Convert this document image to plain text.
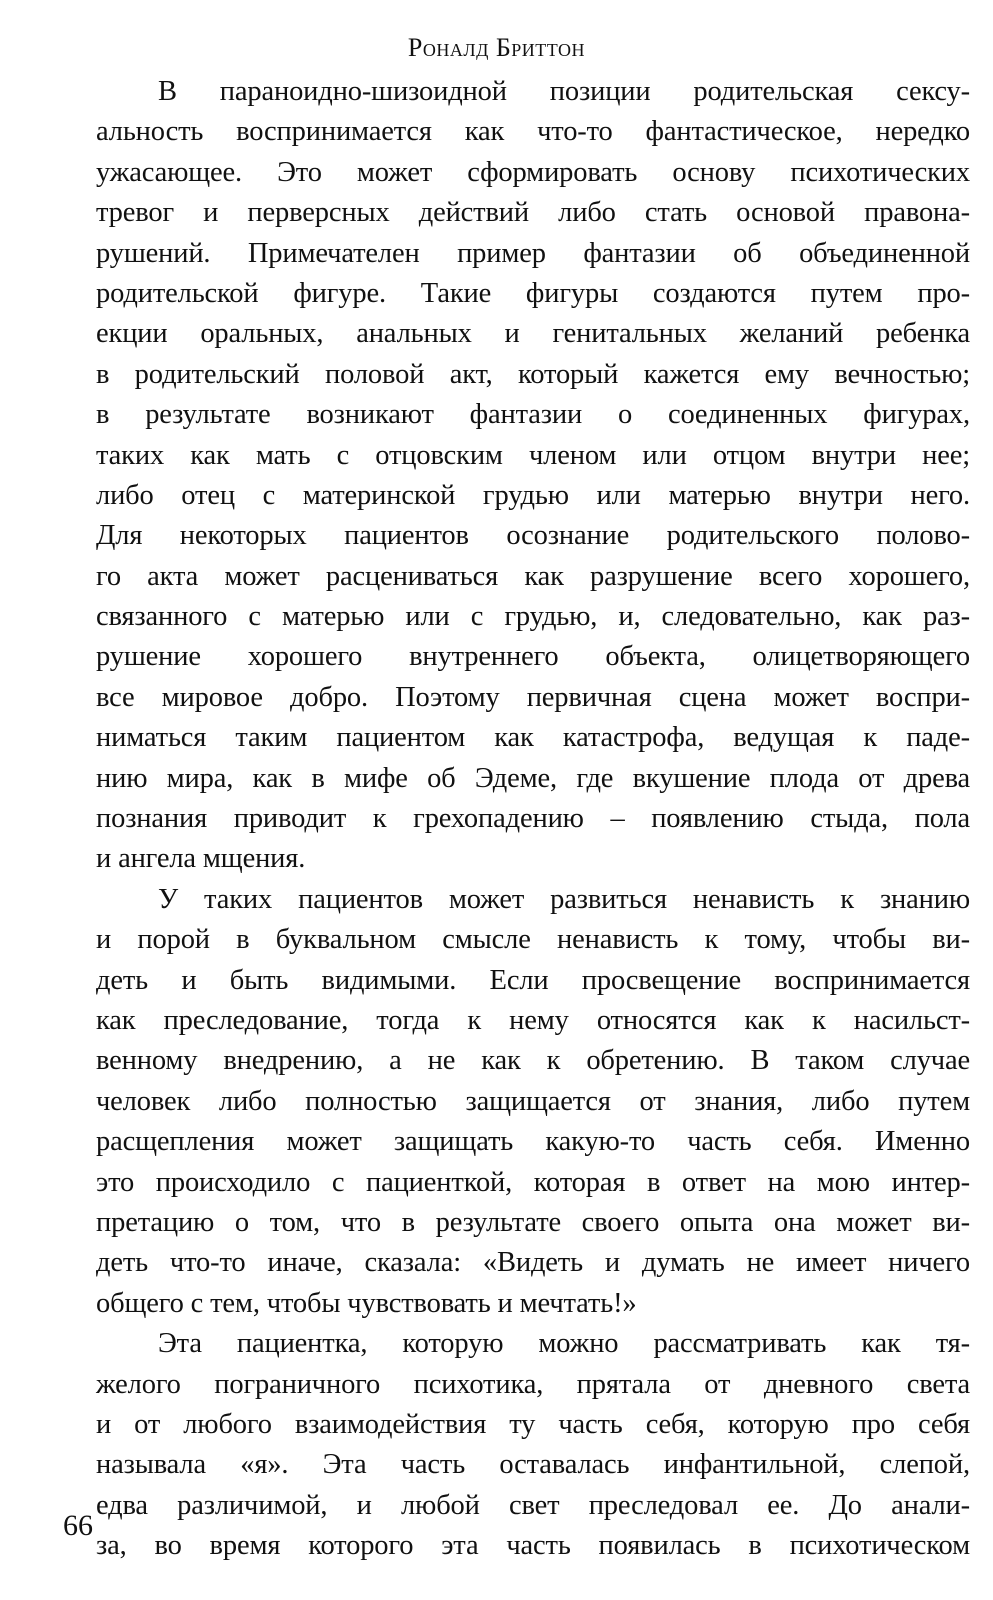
Роналд Бриттон
В параноидно-шизоидной позиции родительская сексу-
альность воспринимается как что-то фантастическое, нередко
ужасающее. Это может сформировать основу психотических
тревог и перверсных действий либо стать основой правона-
рушений. Примечателен пример фантазии об объединенной
родительской фигуре. Такие фигуры создаются путем про-
екции оральных, анальных и генитальных желаний ребенка
в родительский половой акт, который кажется ему вечностью;
в результате возникают фантазии о соединенных фигурах,
таких как мать с отцовским членом или отцом внутри нее;
либо отец с материнской грудью или матерью внутри него.
Для некоторых пациентов осознание родительского полово-
го акта может расцениваться как разрушение всего хорошего,
связанного с матерью или с грудью, и, следовательно, как раз-
рушение хорошего внутреннего объекта, олицетворяющего
все мировое добро. Поэтому первичная сцена может воспри-
ниматься таким пациентом как катастрофа, ведущая к паде-
нию мира, как в мифе об Эдеме, где вкушение плода от древа
познания приводит к грехопадению – появлению стыда, пола
и ангела мщения.
У таких пациентов может развиться ненависть к знанию
и порой в буквальном смысле ненависть к тому, чтобы ви-
деть и быть видимыми. Если просвещение воспринимается
как преследование, тогда к нему относятся как к насильст-
венному внедрению, а не как к обретению. В таком случае
человек либо полностью защищается от знания, либо путем
расщепления может защищать какую-то часть себя. Именно
это происходило с пациенткой, которая в ответ на мою интер-
претацию о том, что в результате своего опыта она может ви-
деть что-то иначе, сказала: «Видеть и думать не имеет ничего
общего с тем, чтобы чувствовать и мечтать!»
Эта пациентка, которую можно рассматривать как тя-
желого пограничного психотика, прятала от дневного света
и от любого взаимодействия ту часть себя, которую про себя
называла «я». Эта часть оставалась инфантильной, слепой,
едва различимой, и любой свет преследовал ее. До анали-
за, во время которого эта часть появилась в психотическом
66
